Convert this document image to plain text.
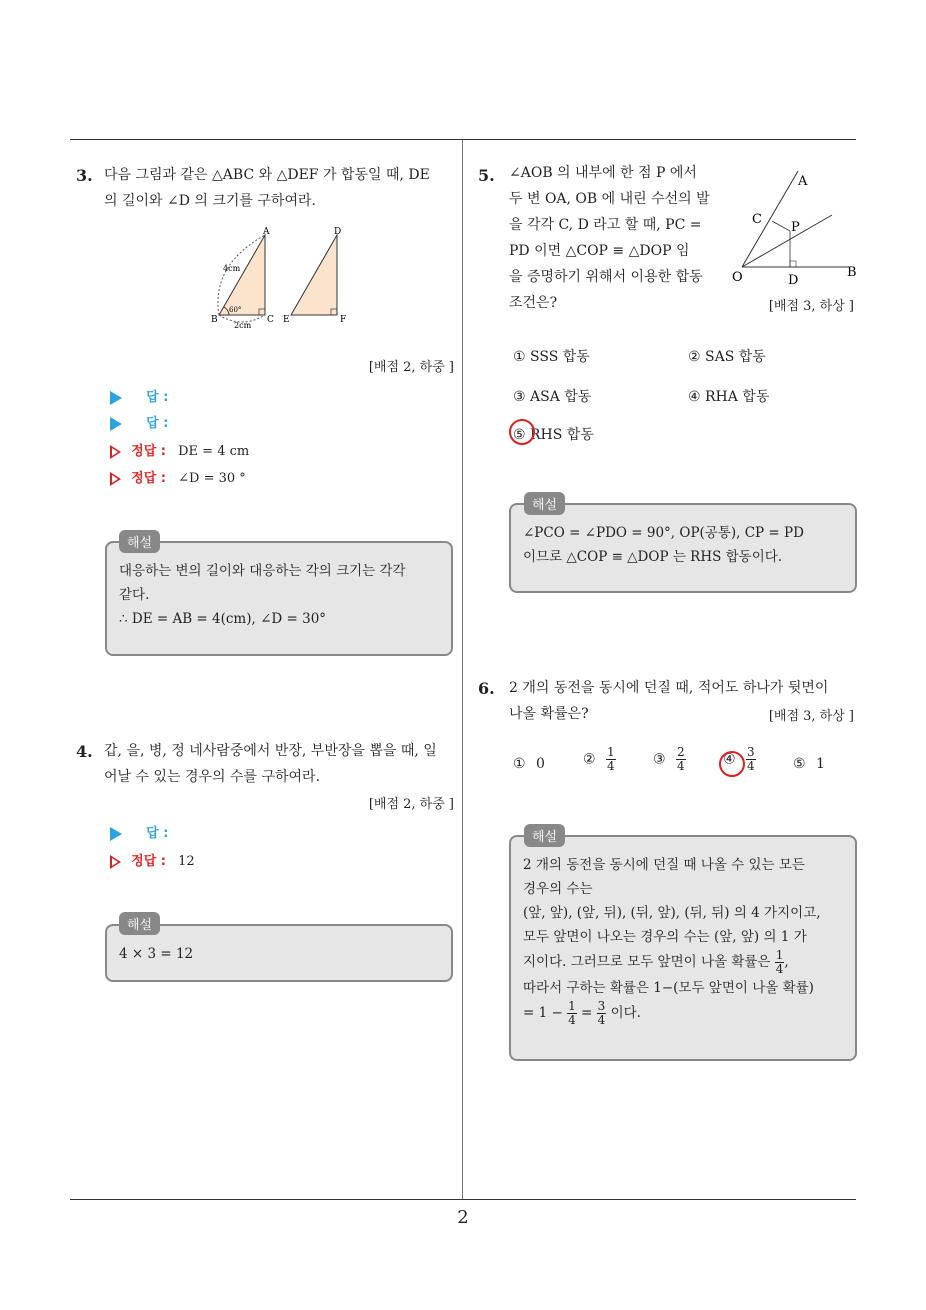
2
3. 다음 그림과 같은 △ABC 와 △DEF 가 합동일 때, DE
의 길이와 ∠D 의 크기를 구하여라.
A
B	C
D
E	F
4cm
2cm
60°
[배점 2, 하중 ]
답 :
답 :
정답 : DE = 4 cm
정답 : ∠D = 30 °
대응하는 변의 길이와 대응하는 각의 크기는 각각
같다.
∴ DE = AB = 4(cm), ∠D = 30°
해설
4. 갑, 을, 병, 정 네사람중에서 반장, 부반장을 뽑을 때, 일
어날 수 있는 경우의 수를 구하여라.
[배점 2, 하중 ]
답 :
정답 : 12
4 × 3 = 12
해설
5. ∠AOB 의 내부에 한 점 P 에서
두 변 OA, OB 에 내린 수선의 발
을 각각 C, D 라고 할 때, PC =
PD 이면 △COP ≡ △DOP 임
을 증명하기 위해서 이용한 합동
조건은?
A
B
C
D
O
P
[배점 3, 하상 ]
① SSS 합동	② SAS 합동
③ ASA 합동	④ RHA 합동
⑤ RHS 합동
∠PCO = ∠PDO = 90°, OP(공통), CP = PD
이므로 △COP ≡ △DOP 는 RHS 합동이다.
해설
6. 2 개의 동전을 동시에 던질 때, 적어도 하나가 뒷면이
나올 확률은?	[배점 3, 하상 ]
① 0	② $\frac{1}{4}$	③ $\frac{2}{4}$	④ $\frac{3}{4}$	⑤ 1
2 개의 동전을 동시에 던질 때 나올 수 있는 모든
경우의 수는
(앞, 앞), (앞, 뒤), (뒤, 앞), (뒤, 뒤) 의 4 가지이고,
모두 앞면이 나오는 경우의 수는 (앞, 앞) 의 1 가
지이다. 그러므로 모두 앞면이 나올 확률은 $\frac{1}{4}$ ,
따라서 구하는 확률은 1−(모두 앞면이 나올 확률)
= $1 - \frac{1}{4} = \frac{3}{4}$ 이다.
해설
